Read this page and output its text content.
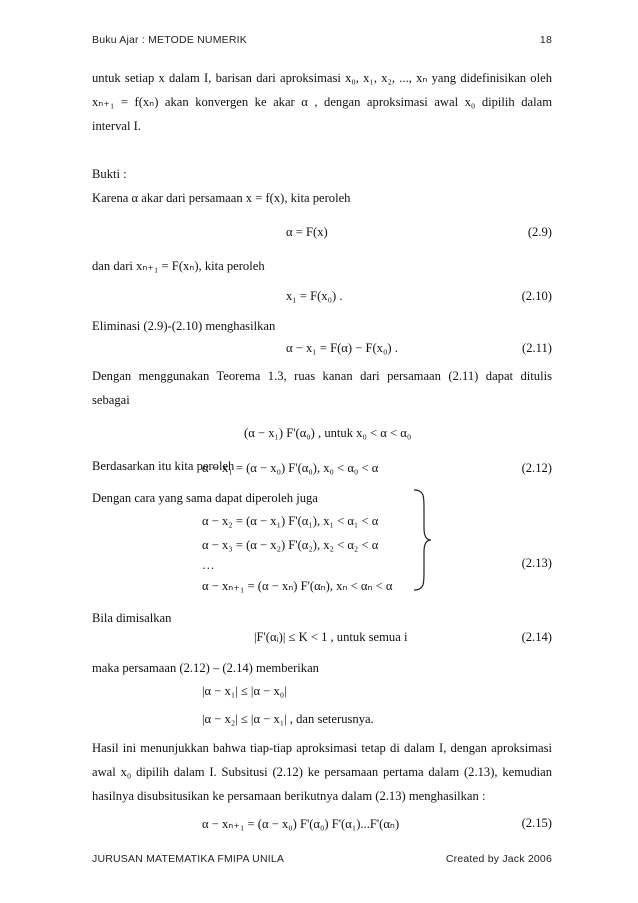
Buku Ajar : METODE NUMERIK	18
untuk setiap x dalam I, barisan dari aproksimasi x₀, x₁, x₂, ..., xₙ yang didefinisikan oleh
xₙ₊₁ = f(xₙ) akan konvergen ke akar α , dengan aproksimasi awal x₀ dipilih dalam
interval I.
Bukti :
Karena α akar dari persamaan x = f(x), kita peroleh
α = F(x)	(2.9)
dan dari xₙ₊₁ = F(xₙ), kita peroleh
x₁ = F(x₀) .	(2.10)
Eliminasi (2.9)-(2.10) menghasilkan
α − x₁ = F(α) − F(x₀) .	(2.11)
Dengan menggunakan Teorema 1.3, ruas kanan dari persamaan (2.11) dapat ditulis
sebagai
(α − x₁) F'(α₀) , untuk x₀ < α < α₀
Berdasarkan itu kita peroleh
α − x₁ = (α − x₀) F'(α₀), x₀ < α₀ < α	(2.12)
Dengan cara yang sama dapat diperoleh juga
α − x₂ = (α − x₁) F'(α₁), x₁ < α₁ < α
α − x₃ = (α − x₂) F'(α₂), x₂ < α₂ < α
…
α − xₙ₊₁ = (α − xₙ) F'(αₙ), xₙ < αₙ < α
(2.13)
Bila dimisalkan
|F'(αᵢ)| ≤ K < 1 , untuk semua i	(2.14)
maka persamaan (2.12) – (2.14) memberikan
|α − x₁| ≤ |α − x₀|
|α − x₂| ≤ |α − x₁| , dan seterusnya.
Hasil ini menunjukkan bahwa tiap-tiap aproksimasi tetap di dalam I, dengan aproksimasi
awal x₀ dipilih dalam I. Subsitusi (2.12) ke persamaan pertama dalam (2.13), kemudian
hasilnya disubsitusikan ke persamaan berikutnya dalam (2.13) menghasilkan :
α − xₙ₊₁ = (α − x₀) F'(α₀) F'(α₁)...F'(αₙ)	(2.15)
JURUSAN MATEMATIKA FMIPA UNILA	Created by Jack 2006
